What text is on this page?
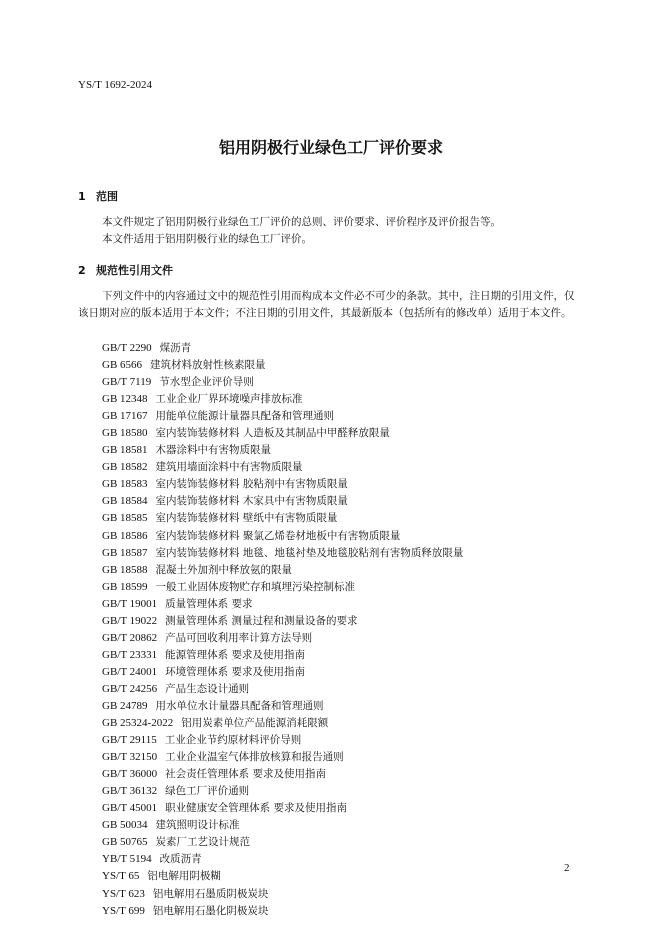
YS/T 1692-2024
铝用阴极行业绿色工厂评价要求
1 范围

本文件规定了铝用阴极行业绿色工厂评价的总则、评价要求、评价程序及评价报告等。

本文件适用于铝用阴极行业的绿色工厂评价。

2 规范性引用文件

下列文件中的内容通过文中的规范性引用而构成本文件必不可少的条款。其中，注日期的引用文件，仅该日期对应的版本适用于本文件；不注日期的引用文件，其最新版本（包括所有的修改单）适用于本文件。

GB/T 2290 煤沥青
GB 6566 建筑材料放射性核素限量
GB/T 7119 节水型企业评价导则
GB 12348 工业企业厂界环境噪声排放标准
GB 17167 用能单位能源计量器具配备和管理通则
GB 18580 室内装饰装修材料 人造板及其制品中甲醛释放限量
GB 18581 木器涂料中有害物质限量
GB 18582 建筑用墙面涂料中有害物质限量
GB 18583 室内装饰装修材料 胶粘剂中有害物质限量
GB 18584 室内装饰装修材料 木家具中有害物质限量
GB 18585 室内装饰装修材料 壁纸中有害物质限量
GB 18586 室内装饰装修材料 聚氯乙烯卷材地板中有害物质限量
GB 18587 室内装饰装修材料 地毯、地毯衬垫及地毯胶粘剂有害物质释放限量
GB 18588 混凝土外加剂中释放氨的限量
GB 18599 一般工业固体废物贮存和填埋污染控制标准
GB/T 19001 质量管理体系 要求
GB/T 19022 测量管理体系 测量过程和测量设备的要求
GB/T 20862 产品可回收利用率计算方法导则
GB/T 23331 能源管理体系 要求及使用指南
GB/T 24001 环境管理体系 要求及使用指南
GB/T 24256 产品生态设计通则
GB 24789 用水单位水计量器具配备和管理通则
GB 25324-2022 铝用炭素单位产品能源消耗限额
GB/T 29115 工业企业节约原材料评价导则
GB/T 32150 工业企业温室气体排放核算和报告通则
GB/T 36000 社会责任管理体系 要求及使用指南
GB/T 36132 绿色工厂评价通则
GB/T 45001 职业健康安全管理体系 要求及使用指南
GB 50034 建筑照明设计标准
GB 50765 炭素厂工艺设计规范
YB/T 5194 改质沥青
YS/T 65 铝电解用阴极糊
YS/T 623 铝电解用石墨质阴极炭块
YS/T 699 铝电解用石墨化阴极炭块
2
